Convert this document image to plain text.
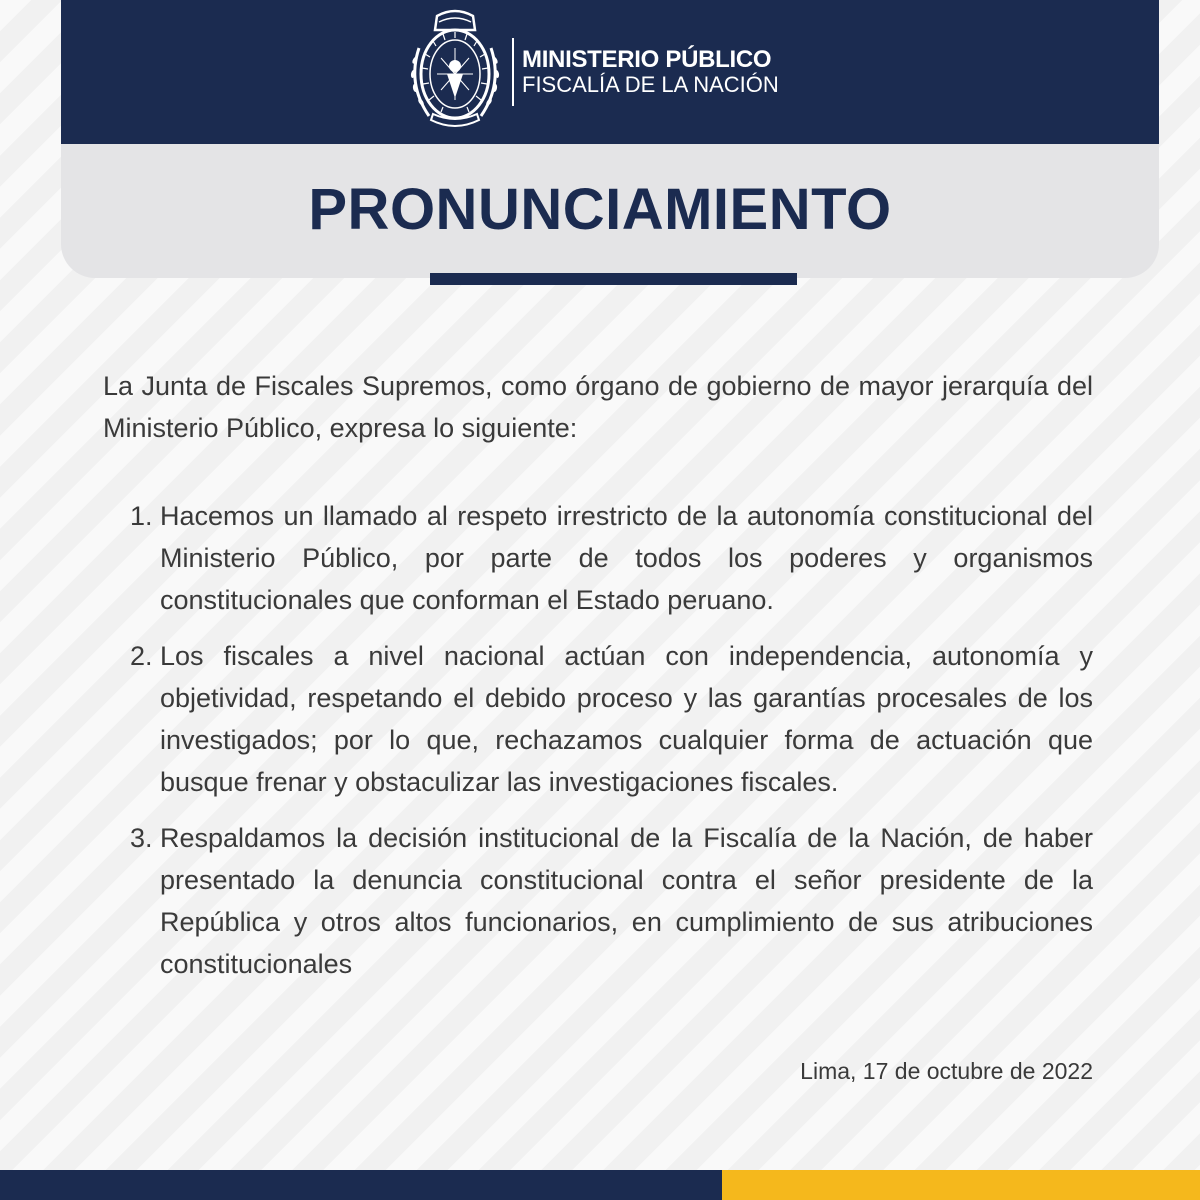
MINISTERIO PÚBLICO
FISCALÍA DE LA NACIÓN
PRONUNCIAMIENTO
La Junta de Fiscales Supremos, como órgano de gobierno de mayor jerarquía del Ministerio Público, expresa lo siguiente:
1. Hacemos un llamado al respeto irrestricto de la autonomía constitucional del Ministerio Público, por parte de todos los poderes y organismos constitucionales que conforman el Estado peruano.
2. Los fiscales a nivel nacional actúan con independencia, autonomía y objetividad, respetando el debido proceso y las garantías procesales de los investigados; por lo que, rechazamos cualquier forma de actuación que busque frenar y obstaculizar las investigaciones fiscales.
3. Respaldamos la decisión institucional de la Fiscalía de la Nación, de haber presentado la denuncia constitucional contra el señor presidente de la República y otros altos funcionarios, en cumplimiento de sus atribuciones constitucionales
Lima, 17 de octubre de 2022
